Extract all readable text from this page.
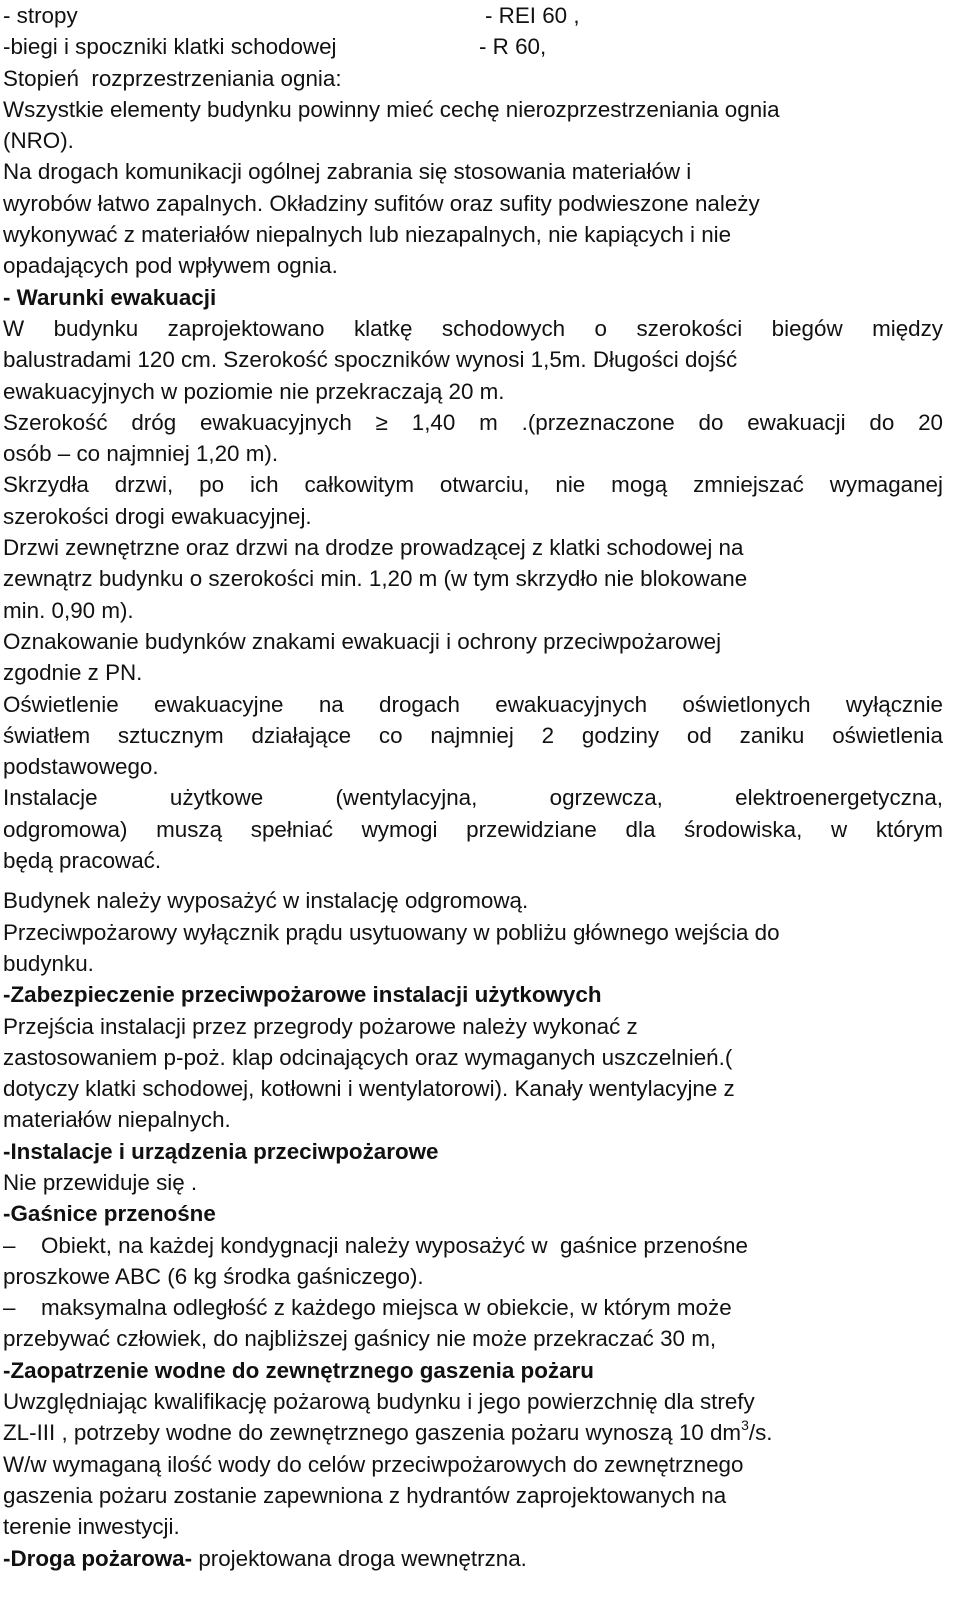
- stropy	- REI 60 ,
-biegi i spoczniki klatki schodowej	- R 60,
Stopień  rozprzestrzeniania ognia:
Wszystkie elementy budynku powinny mieć cechę nierozprzestrzeniania ognia
(NRO).
Na drogach komunikacji ogólnej zabrania się stosowania materiałów i
wyrobów łatwo zapalnych. Okładziny sufitów oraz sufity podwieszone należy
wykonywać z materiałów niepalnych lub niezapalnych, nie kapiących i nie
opadających pod wpływem ognia.
- Warunki ewakuacji
W budynku zaprojektowano klatkę schodowych o szerokości biegów między
balustradami 120 cm. Szerokość spoczników wynosi 1,5m. Długości dojść
ewakuacyjnych w poziomie nie przekraczają 20 m.
Szerokość dróg ewakuacyjnych ≥ 1,40 m .(przeznaczone do ewakuacji do 20
osób – co najmniej 1,20 m).
Skrzydła drzwi, po ich całkowitym otwarciu, nie mogą zmniejszać wymaganej
szerokości drogi ewakuacyjnej.
Drzwi zewnętrzne oraz drzwi na drodze prowadzącej z klatki schodowej na
zewnątrz budynku o szerokości min. 1,20 m (w tym skrzydło nie blokowane
min. 0,90 m).
Oznakowanie budynków znakami ewakuacji i ochrony przeciwpożarowej
zgodnie z PN.
Oświetlenie ewakuacyjne na drogach ewakuacyjnych oświetlonych wyłącznie
światłem sztucznym działające co najmniej 2 godziny od zaniku oświetlenia
podstawowego.
Instalacje użytkowe (wentylacyjna, ogrzewcza, elektroenergetyczna,
odgromowa) muszą spełniać wymogi przewidziane dla środowiska, w którym
będą pracować.
Budynek należy wyposażyć w instalację odgromową.
Przeciwpożarowy wyłącznik prądu usytuowany w pobliżu głównego wejścia do
budynku.
-Zabezpieczenie przeciwpożarowe instalacji użytkowych
Przejścia instalacji przez przegrody pożarowe należy wykonać z
zastosowaniem p-poż. klap odcinających oraz wymaganych uszczelnień.(
dotyczy klatki schodowej, kotłowni i wentylatorowi). Kanały wentylacyjne z
materiałów niepalnych.
-Instalacje i urządzenia przeciwpożarowe
Nie przewiduje się .
-Gaśnice przenośne
– Obiekt, na każdej kondygnacji należy wyposażyć w  gaśnice przenośne
proszkowe ABC (6 kg środka gaśniczego).
– maksymalna odległość z każdego miejsca w obiekcie, w którym może
przebywać człowiek, do najbliższej gaśnicy nie może przekraczać 30 m,
-Zaopatrzenie wodne do zewnętrznego gaszenia pożaru
Uwzględniając kwalifikację pożarową budynku i jego powierzchnię dla strefy
ZL-III , potrzeby wodne do zewnętrznego gaszenia pożaru wynoszą 10 $dm^3/s$.
W/w wymaganą ilość wody do celów przeciwpożarowych do zewnętrznego
gaszenia pożaru zostanie zapewniona z hydrantów zaprojektowanych na
terenie inwestycji.
-Droga pożarowa- projektowana droga wewnętrzna.
